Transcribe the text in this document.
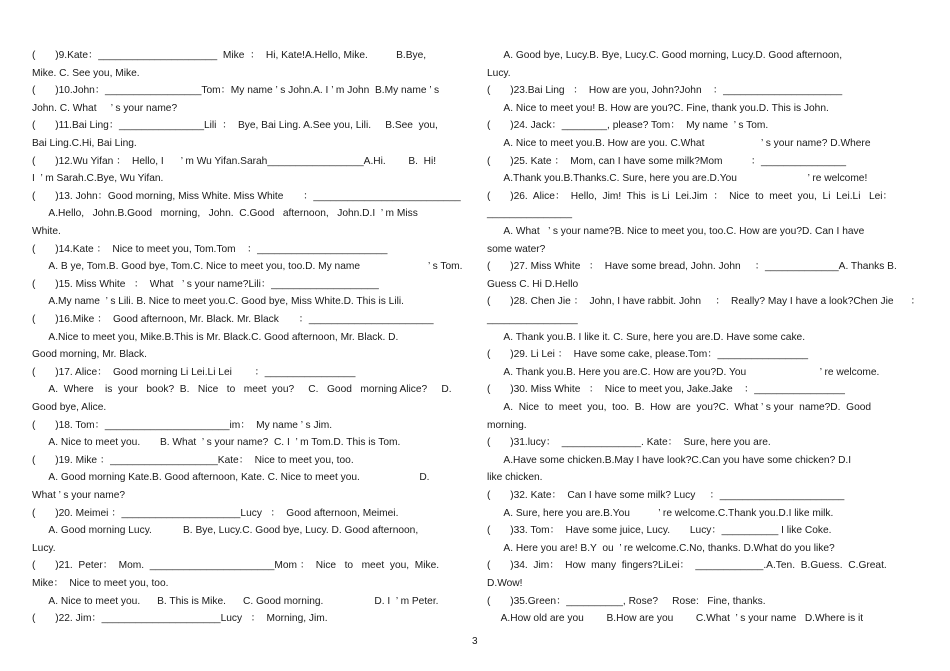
(       )9.Kate：_____________________  Mike  ：  Hi, Kate!A.Hello, Mike.          B.Bye,
Mike. C. See you, Mike.
(       )10.John：_________________Tom：My name ’ s John.A. I ’ m John  B.My name ’ s
John. C. What     ’ s your name?
(       )11.Bai Ling：_______________Lili  ：  Bye, Bai Ling. A.See you, Lili.     B.See  you,
Bai Ling.C.Hi, Bai Ling.
(       )12.Wu Yifan ：  Hello, I      ’ m Wu Yifan.Sarah_________________A.Hi.        B.  Hi!
I  ’ m Sarah.C.Bye, Wu Yifan.
(       )13. John：Good morning, Miss White. Miss White       ：__________________________
A.Hello,   John.B.Good   morning,   John.  C.Good   afternoon,   John.D.I  ’ m Miss
White.
(       )14.Kate ：  Nice to meet you, Tom.Tom    ：_______________________
A. B ye, Tom.B. Good bye, Tom.C. Nice to meet you, too.D. My name                        ’ s Tom.
(       )15. Miss White   ：  What   ’ s your name?Lili：___________________
A.My name  ’ s Lili. B. Nice to meet you.C. Good bye, Miss White.D. This is Lili.
(       )16.Mike ：  Good afternoon, Mr. Black. Mr. Black       ：______________________
A.Nice to meet you, Mike.B.This is Mr. Black.C. Good afternoon, Mr. Black. D.
Good morning, Mr. Black.
(       )17. Alice：  Good morning Li Lei.Li Lei        ：________________
A.  Where    is  your   book?  B.   Nice   to   meet  you?     C.   Good   morning Alice?     D.
Good bye, Alice.
(       )18. Tom：______________________im：  My name ’ s Jim.
A. Nice to meet you.       B. What  ’ s your name?  C. I  ’ m Tom.D. This is Tom.
(       )19. Mike ：___________________Kate：  Nice to meet you, too.
A. Good morning Kate.B. Good afternoon, Kate. C. Nice to meet you.                     D.
What ’ s your name?
(       )20. Meimei ：_____________________Lucy   ：  Good afternoon, Meimei.
A. Good morning Lucy.           B. Bye, Lucy.C. Good bye, Lucy. D. Good afternoon,
Lucy.
(       )21.  Peter：  Mom.  ______________________Mom ：  Nice   to   meet  you,  Mike.
Mike：  Nice to meet you, too.
A. Nice to meet you.      B. This is Mike.      C. Good morning.                  D. I  ’ m Peter.
(       )22. Jim：_____________________Lucy   ：  Morning, Jim.
A. Good bye, Lucy.B. Bye, Lucy.C. Good morning, Lucy.D. Good afternoon,
Lucy.
(       )23.Bai Ling   ：  How are you, John?John    ：_____________________
A. Nice to meet you! B. How are you?C. Fine, thank you.D. This is John.
(       )24. Jack：________, please? Tom：  My name  ’ s Tom.
A. Nice to meet you.B. How are you. C.What                    ’ s your name? D.Where
(       )25. Kate ：  Mom, can I have some milk?Mom          ：_______________
A.Thank you.B.Thanks.C. Sure, here you are.D.You                         ’ re welcome!
(       )26.  Alice：  Hello,  Jim!  This  is Li  Lei.Jim  ：  Nice  to  meet  you,  Li  Lei.Li   Lei：
_______________
A. What   ’ s your name?B. Nice to meet you, too.C. How are you?D. Can I have
some water?
(       )27. Miss White   ：  Have some bread, John. John     ：_____________A. Thanks B.
Guess C. Hi D.Hello
(       )28. Chen Jie ：  John, I have rabbit. John     ：  Really? May I have a look?Chen Jie      ：
________________
A. Thank you.B. I like it. C. Sure, here you are.D. Have some cake.
(       )29. Li Lei ：  Have some cake, please.Tom：________________
A. Thank you.B. Here you are.C. How are you?D. You                          ’ re welcome.
(       )30. Miss White   ：  Nice to meet you, Jake.Jake    ：________________
A.  Nice  to  meet  you,  too.  B.  How  are  you?C.  What ’ s your  name?D.  Good
morning.
(       )31.lucy：  ______________. Kate：  Sure, here you are.
A.Have some chicken.B.May I have look?C.Can you have some chicken? D.I
like chicken.
(       )32. Kate：  Can I have some milk? Lucy     ：______________________
A. Sure, here you are.B.You          ’ re welcome.C.Thank you.D.I like milk.
(       )33. Tom：  Have some juice, Lucy.       Lucy：__________ I like Coke.
A. Here you are! B.Y  ou  ’ re welcome.C.No, thanks. D.What do you like?
(       )34.  Jim：  How  many  fingers?LiLei：  ____________.A.Ten.  B.Guess.  C.Great.
D.Wow!
(       )35.Green：__________, Rose?     Rose:   Fine, thanks.
A.How old are you        B.How are you        C.What  ’ s your name   D.Where is it
3
